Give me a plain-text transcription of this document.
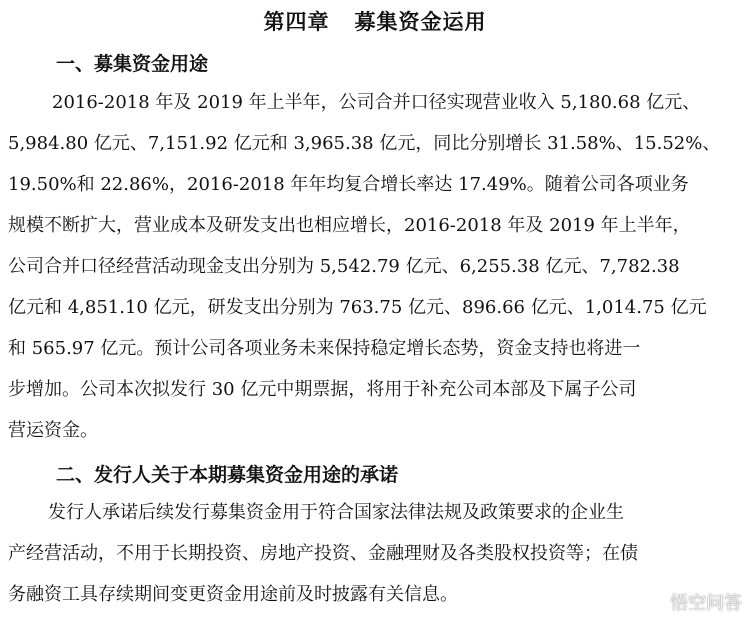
第四章   募集资金运用
一、募集资金用途
2016-2018 年及 2019 年上半年，公司合并口径实现营业收入 5,180.68 亿元、
5,984.80 亿元、7,151.92 亿元和 3,965.38 亿元，同比分别增长 31.58%、15.52%、
19.50%和 22.86%，2016-2018 年年均复合增长率达 17.49%。随着公司各项业务
规模不断扩大，营业成本及研发支出也相应增长，2016-2018 年及 2019 年上半年，
公司合并口径经营活动现金支出分别为 5,542.79 亿元、6,255.38 亿元、7,782.38
亿元和 4,851.10 亿元，研发支出分别为 763.75 亿元、896.66 亿元、1,014.75 亿元
和 565.97 亿元。预计公司各项业务未来保持稳定增长态势，资金支持也将进一
步增加。公司本次拟发行 30 亿元中期票据，将用于补充公司本部及下属子公司
营运资金。
二、发行人关于本期募集资金用途的承诺
发行人承诺后续发行募集资金用于符合国家法律法规及政策要求的企业生
产经营活动，不用于长期投资、房地产投资、金融理财及各类股权投资等；在债
务融资工具存续期间变更资金用途前及时披露有关信息。	悟空问答
